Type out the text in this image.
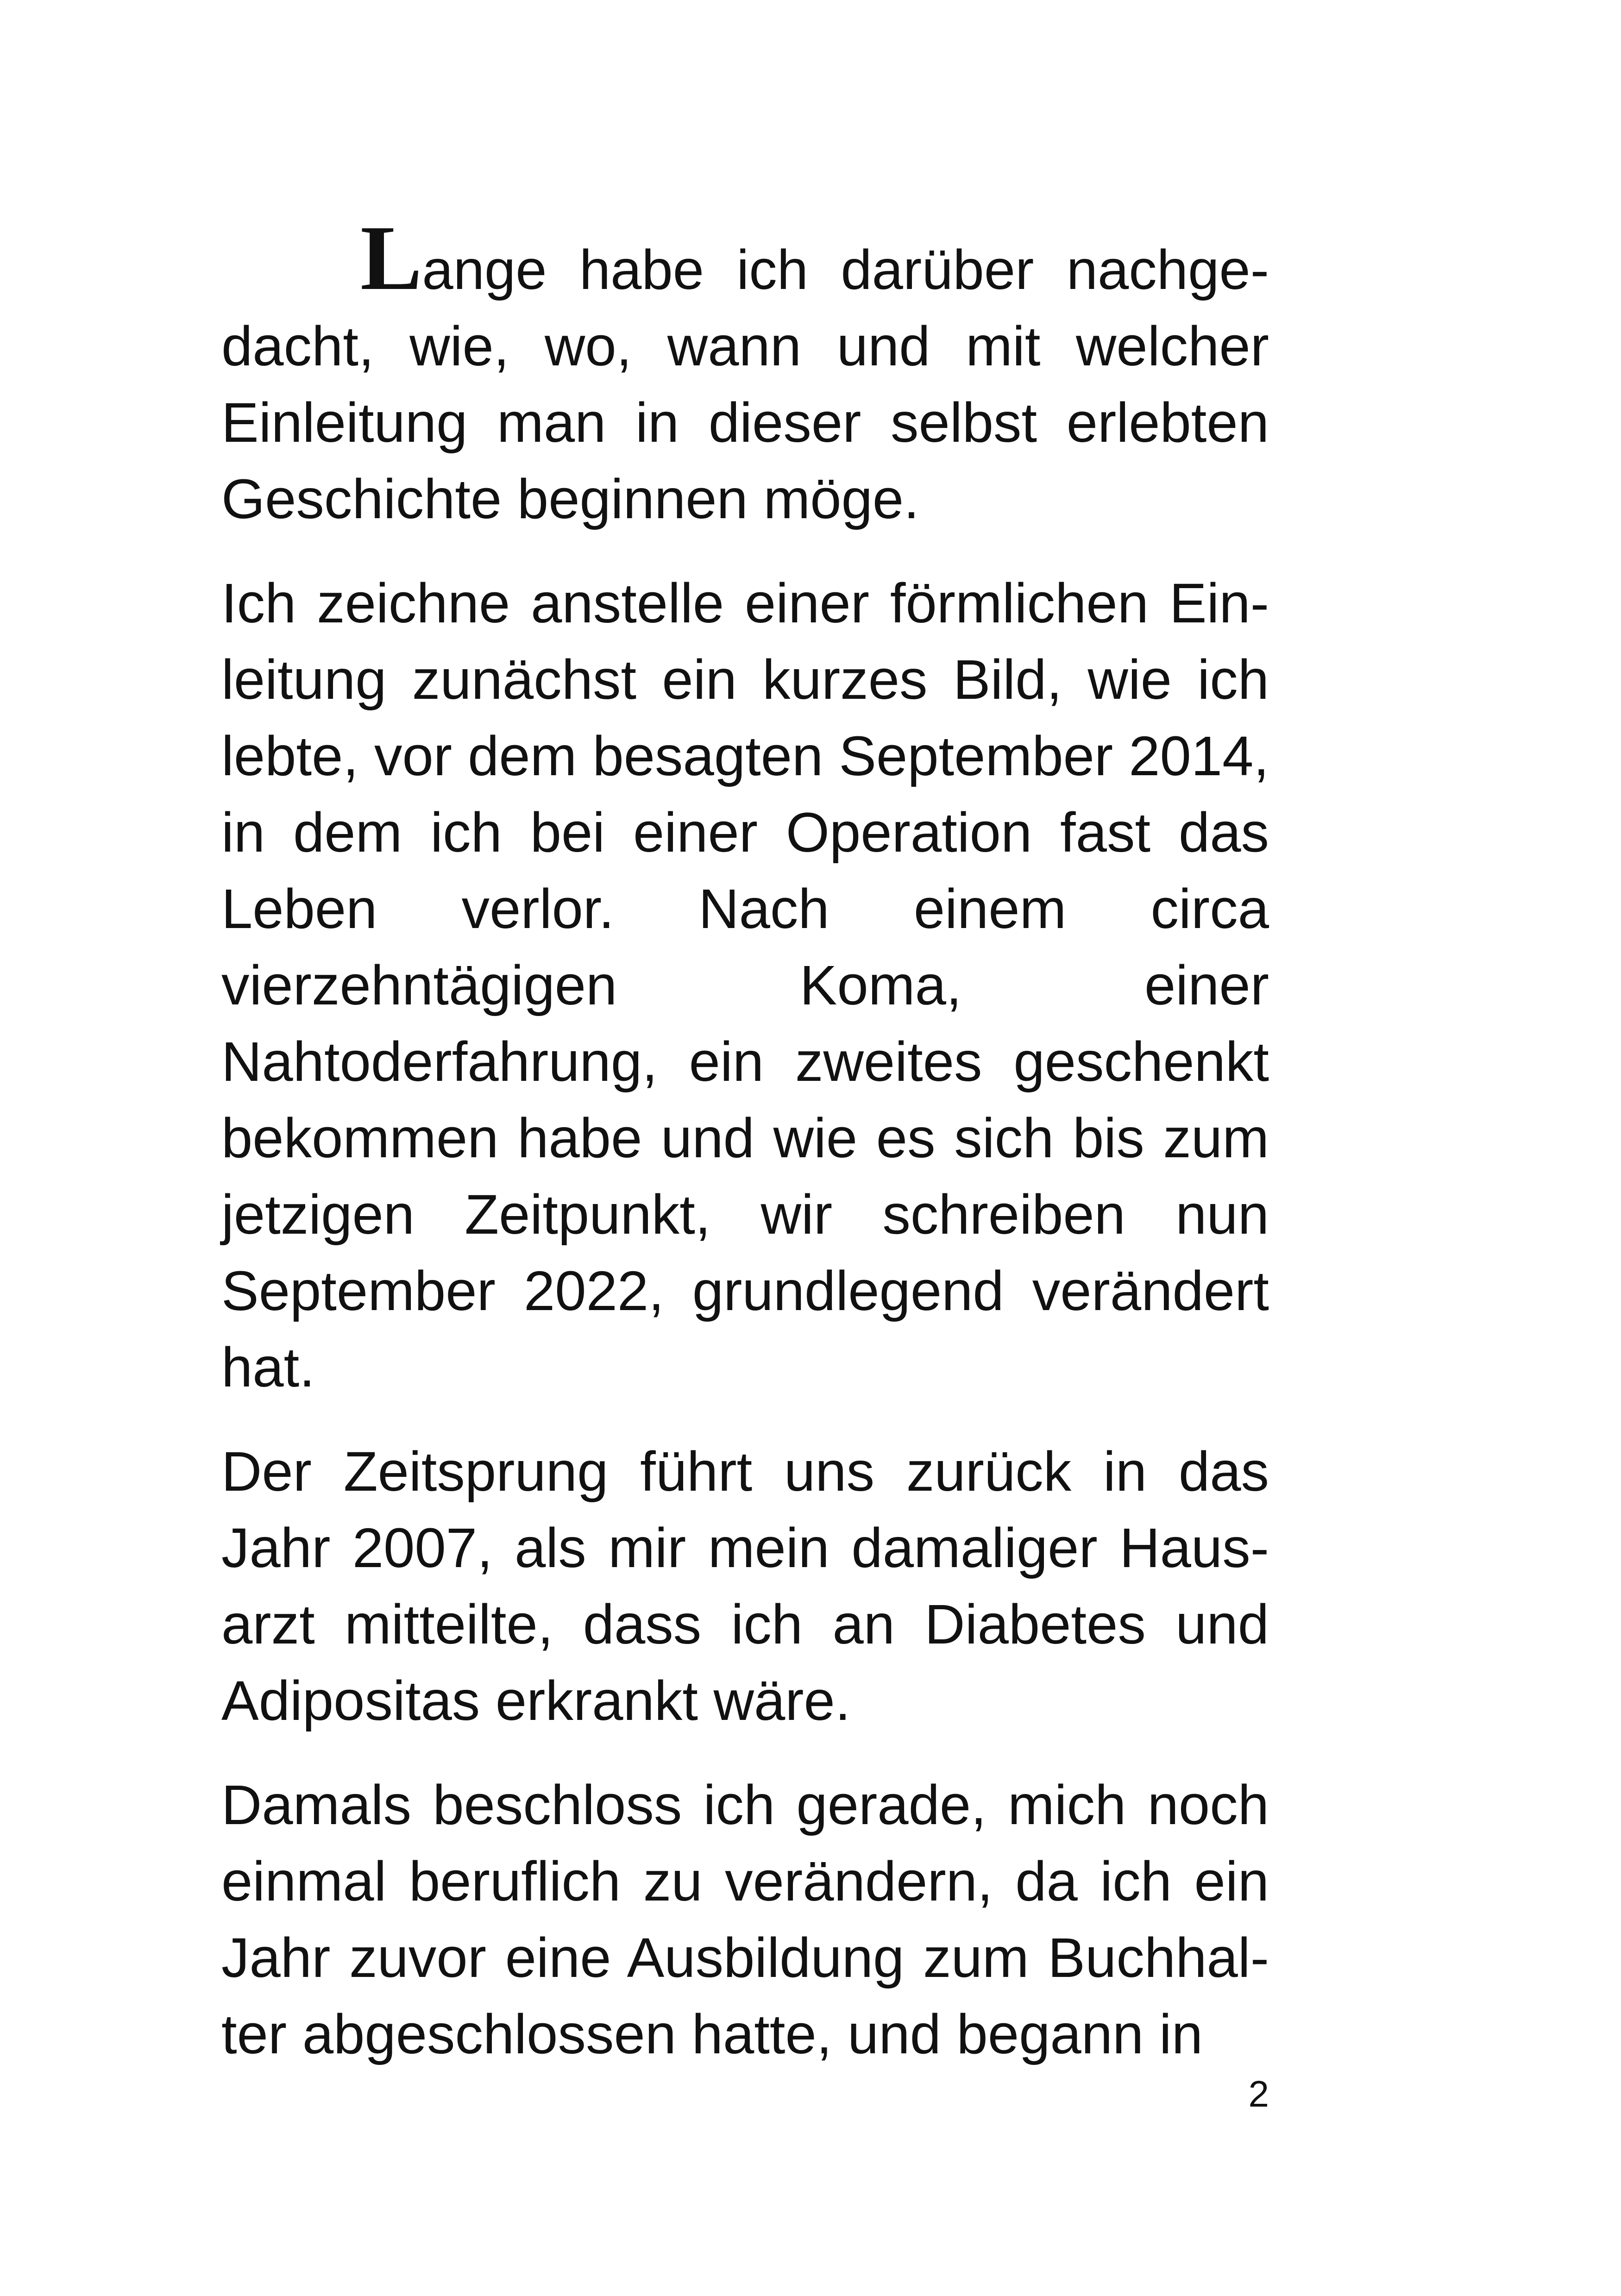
Lange habe ich darüber nachgedacht, wie, wo, wann und mit welcher Einleitung man in dieser selbst erlebten Geschichte beginnen möge.

Ich zeichne anstelle einer förmlichen Einleitung zunächst ein kurzes Bild, wie ich lebte, vor dem besagten September 2014, in dem ich bei einer Operation fast das Leben verlor. Nach einem circa vierzehntägigen Koma, einer Nahtoderfahrung, ein zweites geschenkt bekommen habe und wie es sich bis zum jetzigen Zeitpunkt, wir schreiben nun September 2022, grundlegend verändert hat.

Der Zeitsprung führt uns zurück in das Jahr 2007, als mir mein damaliger Hausarzt mitteilte, dass ich an Diabetes und Adipositas erkrankt wäre.

Damals beschloss ich gerade, mich noch einmal beruflich zu verändern, da ich ein Jahr zuvor eine Ausbildung zum Buchhalter abgeschlossen hatte, und begann in

2
